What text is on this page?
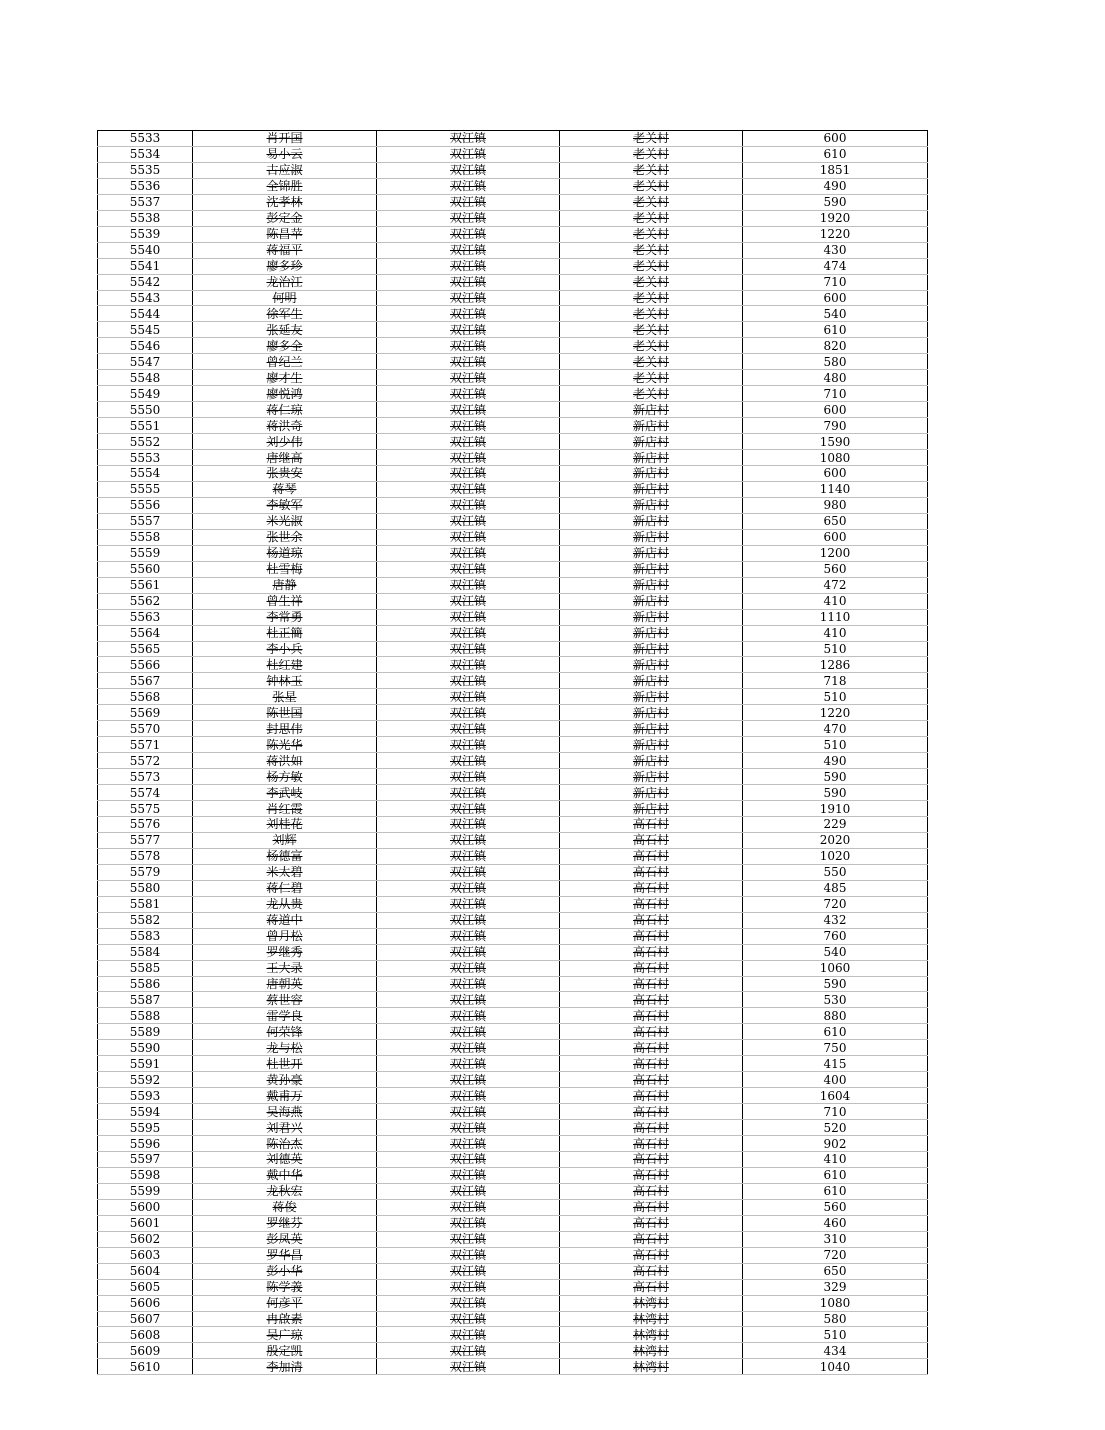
5533	肖开国	双江镇	老关村	600
5534	易小云	双江镇	老关村	610
5535	古应淑	双江镇	老关村	1851
5536	全锦胜	双江镇	老关村	490
5537	沈孝林	双江镇	老关村	590
5538	彭定金	双江镇	老关村	1920
5539	陈昌苹	双江镇	老关村	1220
5540	蒋福平	双江镇	老关村	430
5541	廖多珍	双江镇	老关村	474
5542	龙治江	双江镇	老关村	710
5543	何明	双江镇	老关村	600
5544	徐军生	双江镇	老关村	540
5545	张延友	双江镇	老关村	610
5546	廖多全	双江镇	老关村	820
5547	曾纪兰	双江镇	老关村	580
5548	廖才生	双江镇	老关村	480
5549	廖悦鸿	双江镇	老关村	710
5550	蒋仁琼	双江镇	新店村	600
5551	蒋洪奇	双江镇	新店村	790
5552	刘少伟	双江镇	新店村	1590
5553	唐继高	双江镇	新店村	1080
5554	张贵安	双江镇	新店村	600
5555	蒋琴	双江镇	新店村	1140
5556	李敏军	双江镇	新店村	980
5557	米光淑	双江镇	新店村	650
5558	张世余	双江镇	新店村	600
5559	杨道琼	双江镇	新店村	1200
5560	杜雪梅	双江镇	新店村	560
5561	唐静	双江镇	新店村	472
5562	曾生祥	双江镇	新店村	410
5563	李常勇	双江镇	新店村	1110
5564	杜正簡	双江镇	新店村	410
5565	李小兵	双江镇	新店村	510
5566	杜红建	双江镇	新店村	1286
5567	钟林玉	双江镇	新店村	718
5568	张星	双江镇	新店村	510
5569	陈世国	双江镇	新店村	1220
5570	封思伟	双江镇	新店村	470
5571	陈光华	双江镇	新店村	510
5572	蒋洪如	双江镇	新店村	490
5573	杨方敏	双江镇	新店村	590
5574	李武岐	双江镇	新店村	590
5575	肖红霞	双江镇	新店村	1910
5576	刘桂花	双江镇	高石村	229
5577	刘辉	双江镇	高石村	2020
5578	杨德富	双江镇	高石村	1020
5579	米太碧	双江镇	高石村	550
5580	蒋仁碧	双江镇	高石村	485
5581	龙从贵	双江镇	高石村	720
5582	蒋道中	双江镇	高石村	432
5583	曾月松	双江镇	高石村	760
5584	罗继秀	双江镇	高石村	540
5585	王大录	双江镇	高石村	1060
5586	唐朝英	双江镇	高石村	590
5587	蔡世容	双江镇	高石村	530
5588	雷学良	双江镇	高石村	880
5589	何荣锋	双江镇	高石村	610
5590	龙与松	双江镇	高石村	750
5591	杜世开	双江镇	高石村	415
5592	黄孙豪	双江镇	高石村	400
5593	戴甫万	双江镇	高石村	1604
5594	吴海燕	双江镇	高石村	710
5595	刘君兴	双江镇	高石村	520
5596	陈治杰	双江镇	高石村	902
5597	刘德英	双江镇	高石村	410
5598	戴中华	双江镇	高石村	610
5599	龙秋宏	双江镇	高石村	610
5600	蒋俊	双江镇	高石村	560
5601	罗继芬	双江镇	高石村	460
5602	彭凤英	双江镇	高石村	310
5603	罗华昌	双江镇	高石村	720
5604	彭小华	双江镇	高石村	650
5605	陈学義	双江镇	高石村	329
5606	何彦平	双江镇	林湾村	1080
5607	冉啟素	双江镇	林湾村	580
5608	吴广琼	双江镇	林湾村	510
5609	殷定凯	双江镇	林湾村	434
5610	李加清	双江镇	林湾村	1040
